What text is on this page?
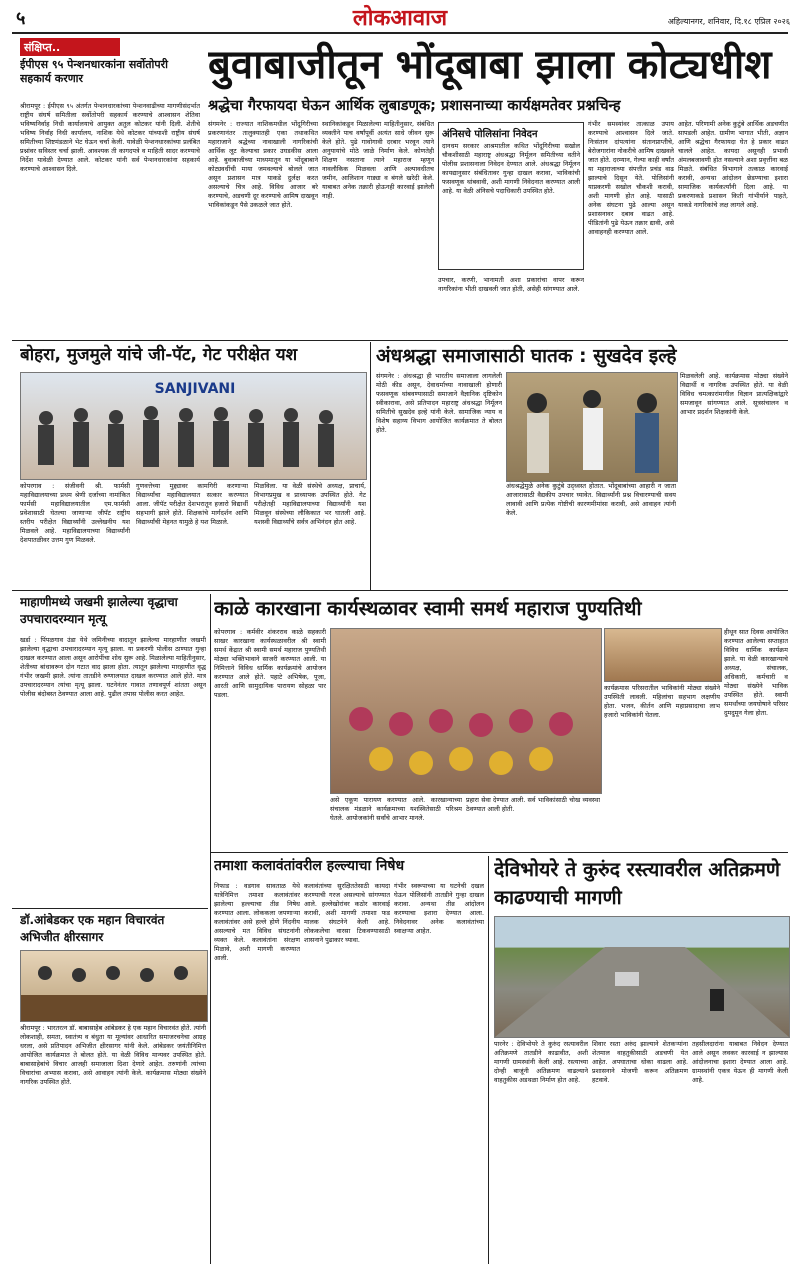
५	लोकआवाज	अहिल्यानगर, शनिवार, दि.१८ एप्रिल २०२६
संक्षिप्त..
ईपीएस ९५ पेन्शनधारकांना सर्वोतोपरी सहकार्य करणार
श्रीरामपूर : ईपीएस ९५ अंतर्गत पेन्शनधारकांच्या पेन्शनवाढीच्या मागणीसंदर्भात राष्ट्रीय संघर्ष समितीला सर्वोतोपरी सहकार्य करण्याचे आश्वासन शेतिवा भविष्यनिर्वाह निधी कार्यालयाचे आयुक्त अतुल कोटकर यांनी दिली. शेतीचे भविष्य निर्वाह निधी कार्यालय, नाशिक येथे कोटकर यांच्याशी राष्ट्रीय संघर्ष समितीच्या शिष्टमंडळाने भेट घेऊन चर्चा केली. यावेळी पेन्शनधारकांच्या प्रलंबित प्रश्नांवर सविस्तर चर्चा झाली. आवश्यक ती कागदपत्रे व माहिती सादर करण्याचे निर्देश यावेळी देण्यात आले. कोटकर यांनी सर्व पेन्शनधारकांना सहकार्य करण्याचे आश्वासन दिले.
बुवाबाजीतून भोंदूबाबा झाला कोट्यधीश
श्रद्धेचा गैरफायदा घेऊन आर्थिक लुबाडणूक; प्रशासनाच्या कार्यक्षमतेवर प्रश्नचिन्ह
संगमनेर : राज्यात नाशिकमधील भोंदूगिरीच्या प्रकरणानंतर तालुक्यातही एका तथाकथित महाराजाने श्रद्धेच्या नावाखाली नागरिकांची आर्थिक लूट केल्याचा प्रकार उघडकीस आला आहे. बुवाबाजीच्या माध्यमातून या भोंदूबाबाने कोट्यवधींची माया जमवल्याचे बोलले जात असून प्रशासन मात्र याकडे दुर्लक्ष करत असल्याचे चित्र आहे. विविध आजार बरे करण्याचे, अडचणी दूर करण्याचे आमिष दाखवून भाविकांकडून पैसे उकळले जात होते.
स्थानिकांकडून मिळालेल्या माहितीनुसार, संबंधित व्यक्तीने पाच वर्षांपूर्वी अत्यंत साधे जीवन सुरू केले होते. पुढे गावोगावी दरबार भरवून त्याने अनुयायांचे मोठे जाळे निर्माण केले. कोणतेही शिक्षण नसताना त्याने महाराज म्हणून नावलौकिक मिळवला आणि अल्पावधीतच जमीन, आलिशान गाड्या व बंगले खरेदी केले. याबाबत अनेक तक्रारी होऊनही कारवाई झालेली नाही.
अंनिसचे पोलिसांना निवेदन
दानधम सरकार आश्रमातील कथित भोंदूगिरीच्या सखोल चौकशीसाठी महाराष्ट्र अंधश्रद्धा निर्मूलन समितीच्या वतीने पोलीस प्रशासनाला निवेदन देण्यात आले. अंधश्रद्धा निर्मूलन कायद्यानुसार संबंधितावर गुन्हा दाखल करावा, भाविकांची फसवणूक थांबवावी, अशी मागणी निवेदनात करण्यात आली आहे. या वेळी अंनिसचे पदाधिकारी उपस्थित होते.
उपचार, करणी, भानामती अशा प्रकारांचा वापर करून नागरिकांना भीती दाखवली जात होती, असेही सांगण्यात आले.
गंभीर समस्यांवर तात्काळ उपाय करण्याचे आश्वासन दिले जाते. निःसंतान दांपत्यांना संतानप्राप्तीचे, बेरोजगारांना नोकरीचे आमिष दाखवले जात होते. दरम्यान, गेल्या काही वर्षांत या महाराजाच्या संपत्तीत प्रचंड वाढ झाल्याचे दिसून येते. पोलिसांनी याप्रकरणी सखोल चौकशी करावी, अशी मागणी होत आहे. यासाठी अनेक संघटना पुढे आल्या असून प्रशासनावर दबाव वाढत आहे. पीडितांनी पुढे येऊन तक्रार द्यावी, असे आवाहनही करण्यात आले.
आहेत. परिणामी अनेक कुटुंबे आर्थिक अडचणीत सापडली आहेत. ग्रामीण भागात भीती, अज्ञान आणि श्रद्धेचा गैरफायदा घेत हे प्रकार वाढत चालले आहेत. कायदा असूनही प्रभावी अंमलबजावणी होत नसल्याने अशा प्रवृत्तींना बळ मिळते. संबंधित विभागाने तत्काळ कारवाई करावी, अन्यथा आंदोलन छेडण्याचा इशारा सामाजिक कार्यकर्त्यांनी दिला आहे. या प्रकरणाकडे प्रशासन किती गांभीर्याने पाहते, याकडे नागरिकांचे लक्ष लागले आहे.
बोहरा, मुजमुले यांचे जी-पॅट, गेट परीक्षेत यश
SANJIVANI
कोपरगाव : संजीवनी श्री. फार्मसी महाविद्यालयाच्या प्रथम श्रेणी दर्जाच्या नामांकित फार्मसी महाविद्यालयातील एम.फार्मसी प्रवेशासाठी घेतल्या जाणाऱ्या जीपॅट राष्ट्रीय स्तरीय परीक्षेत विद्यार्थ्यांनी उल्लेखनीय यश मिळवले आहे. महाविद्यालयाच्या विद्यार्थ्यांनी देशपातळीवर उत्तम गुण मिळवले.
गुणवत्तेच्या मुद्द्यावर कामगिरी करणाऱ्या विद्यार्थ्यांचा महाविद्यालयात सत्कार करण्यात आला. जीपॅट परीक्षेत देशभरातून हजारो विद्यार्थी सहभागी झाले होते. शिक्षकांचे मार्गदर्शन आणि विद्यार्थ्यांची मेहनत यामुळे हे यश मिळाले.
मिळविला. या वेळी संस्थेचे अध्यक्ष, प्राचार्य, विभागप्रमुख व प्राध्यापक उपस्थित होते. गेट परीक्षेतही महाविद्यालयाच्या विद्यार्थ्यांनी यश मिळवून संस्थेच्या लौकिकात भर घातली आहे. यशस्वी विद्यार्थ्यांचे सर्वत्र अभिनंदन होत आहे.
अंधश्रद्धा समाजासाठी घातक : सुखदेव इल्हे
संगमनेर : अंधश्रद्धा ही भारतीय समाजाला लागलेली मोठी कीड असून, देवाधर्माच्या नावाखाली होणारी फसवणूक थांबवण्यासाठी समाजाने वैज्ञानिक दृष्टिकोन स्वीकारावा, असे प्रतिपादन महाराष्ट्र अंधश्रद्धा निर्मूलन समितीचे सुखदेव इल्हे यांनी केले. सामाजिक न्याय व विशेष सहाय्य विभाग आयोजित कार्यक्रमात ते बोलत होते.
अंधश्रद्धेमुळे अनेक कुटुंबे उद्ध्वस्त होतात. भोंदूबाबांच्या आहारी न जाता आजारासाठी वैद्यकीय उपचार घ्यावेत. विद्यार्थ्यांनी प्रश्न विचारण्याची सवय लावावी आणि प्रत्येक गोष्टीची कारणमीमांसा करावी, असे आवाहन त्यांनी केले.
मिळवलेली आहे. कार्यक्रमास मोठ्या संख्येने विद्यार्थी व नागरिक उपस्थित होते. या वेळी विविध चमत्कारांमागील विज्ञान प्रात्यक्षिकांद्वारे समजावून सांगण्यात आले. सूत्रसंचालन व आभार प्रदर्शन शिक्षकांनी केले.
माहाणीमध्ये जखमी झालेल्या वृद्धाचा उपचारादरम्यान मृत्यू
खर्डा : पिंपळगाव उंडा येथे जमिनीच्या वादातून झालेल्या मारहाणीत जखमी झालेल्या वृद्धाचा उपचारादरम्यान मृत्यू झाला. या प्रकरणी पोलीस ठाण्यात गुन्हा दाखल करण्यात आला असून आरोपींचा शोध सुरू आहे. मिळालेल्या माहितीनुसार, शेतीच्या बांधावरून दोन गटात वाद झाला होता. त्यातून झालेल्या मारहाणीत वृद्ध गंभीर जखमी झाले. त्यांना तातडीने रुग्णालयात दाखल करण्यात आले होते. मात्र उपचारादरम्यान त्यांचा मृत्यू झाला. घटनेनंतर गावात तणावपूर्ण शांतता असून पोलीस बंदोबस्त ठेवण्यात आला आहे. पुढील तपास पोलीस करत आहेत.
डॉ.आंबेडकर एक महान विचारवंत अभिजीत क्षीरसागर
श्रीरामपूर : भारतरत्न डॉ. बाबासाहेब आंबेडकर हे एक महान विचारवंत होते. त्यांनी लोकशाही, समता, स्वातंत्र्य व बंधुता या मूल्यांवर आधारित समाजरचनेचा आग्रह धरला, असे प्रतिपादन अभिजीत क्षीरसागर यांनी केले. आंबेडकर जयंतीनिमित्त आयोजित कार्यक्रमात ते बोलत होते. या वेळी विविध मान्यवर उपस्थित होते. बाबासाहेबांचे विचार आजही समाजाला दिशा देणारे आहेत. तरुणांनी त्यांच्या विचारांचा अभ्यास करावा, असे आवाहन त्यांनी केले. कार्यक्रमास मोठ्या संख्येने नागरिक उपस्थित होते.
काळे कारखाना कार्यस्थळावर स्वामी समर्थ महाराज पुण्यतिथी
कोपरगाव : कर्मवीर शंकरराव काळे सहकारी साखर कारखाना कार्यस्थळावरील श्री स्वामी समर्थ केंद्रात श्री स्वामी समर्थ महाराज पुण्यतिथी मोठ्या भक्तिभावाने साजरी करण्यात आली. या निमित्ताने विविध धार्मिक कार्यक्रमांचे आयोजन करण्यात आले होते. पहाटे अभिषेक, पूजा, आरती आणि सामुदायिक पारायण सोहळा पार पडला.
हीथून सात दिवस आयोजित करण्यात आलेल्या सप्ताहात विविध धार्मिक कार्यक्रम झाले. या वेळी कारखान्याचे अध्यक्ष, संचालक, अधिकारी, कर्मचारी व मोठ्या संख्येने भाविक उपस्थित होते. स्वामी समर्थांच्या जयघोषाने परिसर दुमदुमून गेला होता.
कार्यक्रमास परिसरातील भाविकांनी मोठ्या संख्येने उपस्थिती लावली. महिलांचा सहभाग लक्षणीय होता. भजन, कीर्तन आणि महाप्रसादाचा लाभ हजारो भाविकांनी घेतला.
असे एकूण पारायण करण्यात आले. कारखान्याच्या संचालक मंडळाने कार्यक्रमाच्या यशस्वितेसाठी परिश्रम घेतले. आयोजकांनी सर्वांचे आभार मानले.
प्रहारा सेवा देण्यात आली. सर्व भाविकांसाठी चोख व्यवस्था ठेवण्यात आली होती.
तमाशा कलावंतांवरील हल्ल्याचा निषेध
निफाड : वडगाव सावताळ येथे यात्रेनिमित्त तमाशा कलावंतांवर झालेल्या हल्ल्याचा तीव्र निषेध करण्यात आला. लोककला जपणाऱ्या कलावंतांवर असे हल्ले होणे निंदनीय असल्याचे मत विविध संघटनांनी व्यक्त केले. कलावंतांना संरक्षण मिळावे, अशी मागणी करण्यात आली.
कलावंतांच्या सुरक्षिततेसाठी कायदा करण्याची गरज असल्याचे सांगण्यात आले. हल्लेखोरांवर कठोर कारवाई करावी, अशी मागणी तमाशा फड मालक संघटनेने केली आहे. लोककलेचा वारसा टिकवण्यासाठी शासनाने पुढाकार घ्यावा.
गंभीर स्वरूपाच्या या घटनेची दखल घेऊन पोलिसांनी तातडीने गुन्हा दाखल करावा. अन्यथा तीव्र आंदोलन करण्याचा इशारा देण्यात आला. निवेदनावर अनेक कलावंतांच्या स्वाक्षऱ्या आहेत.
देविभोयरे ते कुरुंद रस्त्यावरील अतिक्रमणे काढण्याची मागणी
पारनेर : देविभोयरे ते कुरुंद रस्त्यावरील अतिक्रमणे तातडीने काढावीत, अशी मागणी ग्रामस्थांनी केली आहे. रस्त्याच्या दोन्ही बाजूंनी अतिक्रमण वाढल्याने वाहतुकीस अडथळा निर्माण होत आहे.
शिवार रस्ता अरुंद झाल्याने शेतकऱ्यांना शेतमाल वाहतुकीसाठी अडचणी येत आहेत. अपघाताचा धोका वाढला आहे. प्रशासनाने मोजणी करून अतिक्रमण हटवावे.
तहसीलदारांना याबाबत निवेदन देण्यात आले असून लवकर कारवाई न झाल्यास आंदोलनाचा इशारा देण्यात आला आहे. ग्रामस्थांनी एकत्र येऊन ही मागणी केली आहे.
